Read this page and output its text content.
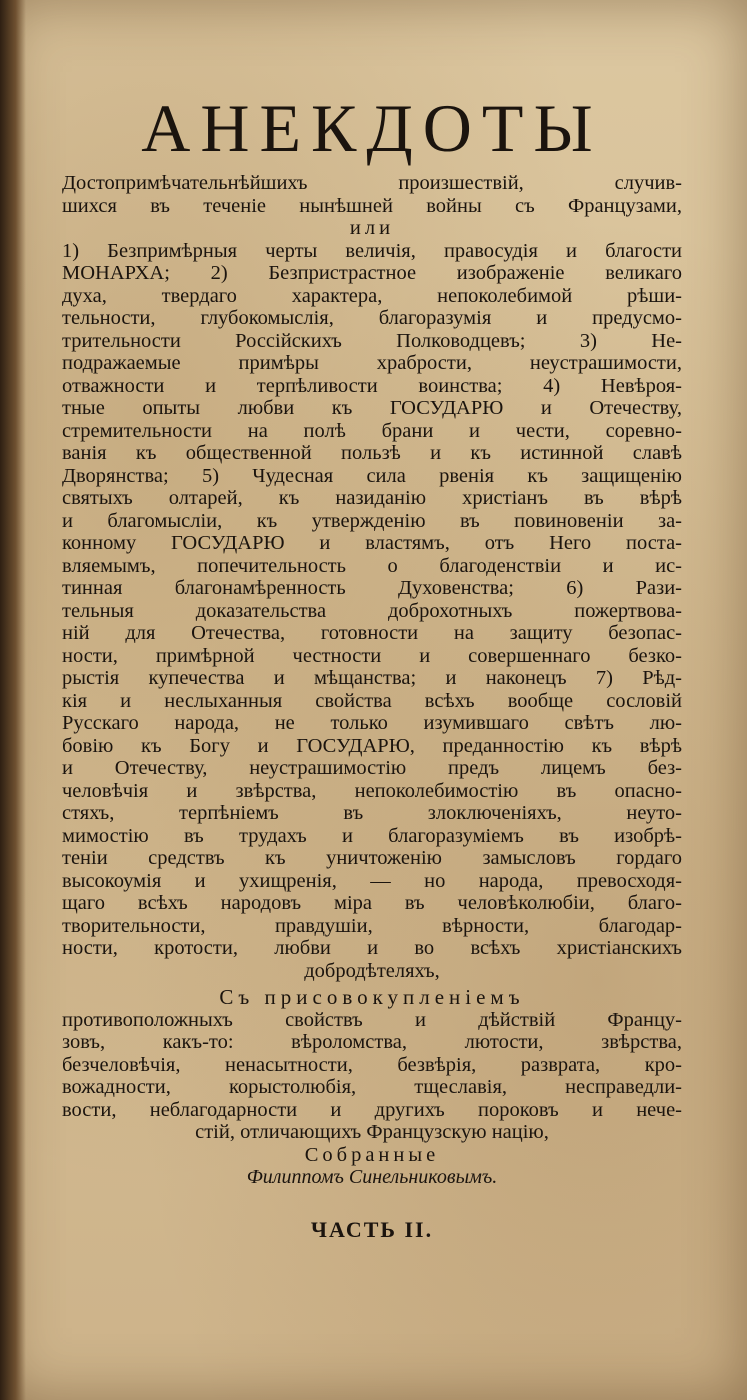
АНЕКДОТЫ
Достопримѣчательнѣйшихъ произшествій, случив-
шихся въ теченіе нынѣшней войны съ Французами,
или
1) Безпримѣрныя черты величія, правосудія и благости
МОНАРХА; 2) Безпристрастное изображеніе великаго
духа, твердаго характера, непоколебимой рѣши-
тельности, глубокомыслія, благоразумія и предусмо-
трительности Россійскихъ Полководцевъ; 3) Не-
подражаемые примѣры храбрости, неустрашимости,
отважности и терпѣливости воинства; 4) Невѣроя-
тные опыты любви къ ГОСУДАРЮ и Отечеству,
стремительности на полѣ брани и чести, соревно-
ванія къ общественной пользѣ и къ истинной славѣ
Дворянства; 5) Чудесная сила рвенія къ защищенію
святыхъ олтарей, къ назиданію христіанъ въ вѣрѣ
и благомысліи, къ утвержденію въ повиновеніи за-
конному ГОСУДАРЮ и властямъ, отъ Него поста-
вляемымъ, попечительность о благоденствіи и ис-
тинная благонамѣренность Духовенства; 6) Рази-
тельныя доказательства доброхотныхъ пожертвова-
ній для Отечества, готовности на защиту безопас-
ности, примѣрной честности и совершеннаго безко-
рыстія купечества и мѣщанства; и наконецъ 7) Рѣд-
кія и неслыханныя свойства всѣхъ вообще сословій
Русскаго народа, не только изумившаго свѣтъ лю-
бовію къ Богу и ГОСУДАРЮ, преданностію къ вѣрѣ
и Отечеству, неустрашимостію предъ лицемъ без-
человѣчія и звѣрства, непоколебимостію въ опасно-
стяхъ, терпѣніемъ въ злоключеніяхъ, неуто-
мимостію въ трудахъ и благоразуміемъ въ изобрѣ-
теніи средствъ къ уничтоженію замысловъ гордаго
высокоумія и ухищренія, — но народа, превосходя-
щаго всѣхъ народовъ міра въ человѣколюбіи, благо-
творительности, правдушіи, вѣрности, благодар-
ности, кротости, любви и во всѣхъ христіанскихъ
добродѣтеляхъ,
Съ присовокупленіемъ
противоположныхъ свойствъ и дѣйствій Францу-
зовъ, какъ-то: вѣроломства, лютости, звѣрства,
безчеловѣчія, ненасытности, безвѣрія, разврата, кро-
вожадности, корыстолюбія, тщеславія, несправедли-
вости, неблагодарности и другихъ пороковъ и нече-
стій, отличающихъ Французскую націю,
Собранные
Филиппомъ Синельниковымъ.
ЧАСТЬ II.
